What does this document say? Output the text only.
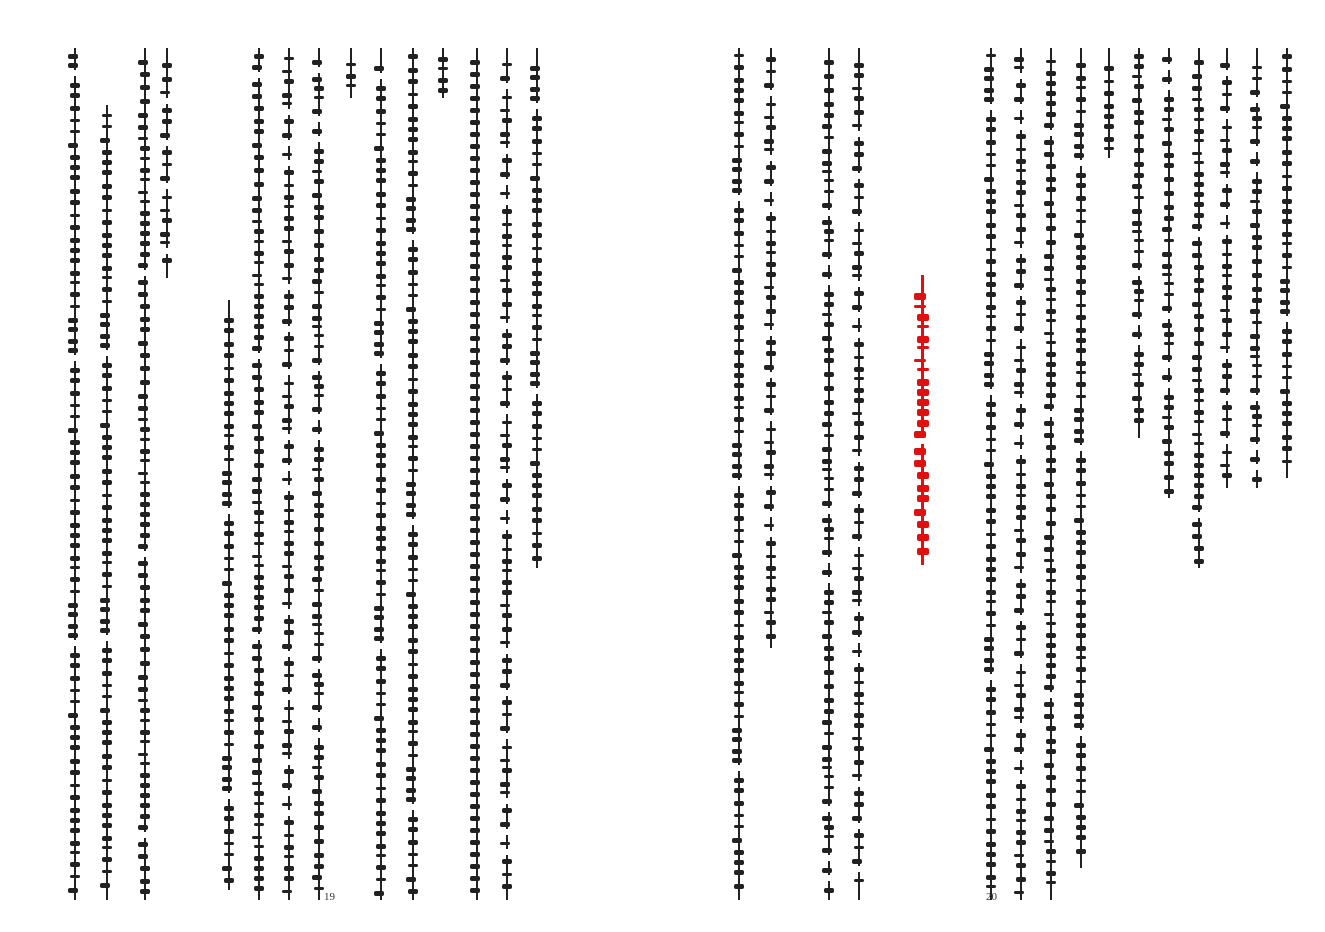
19	20
